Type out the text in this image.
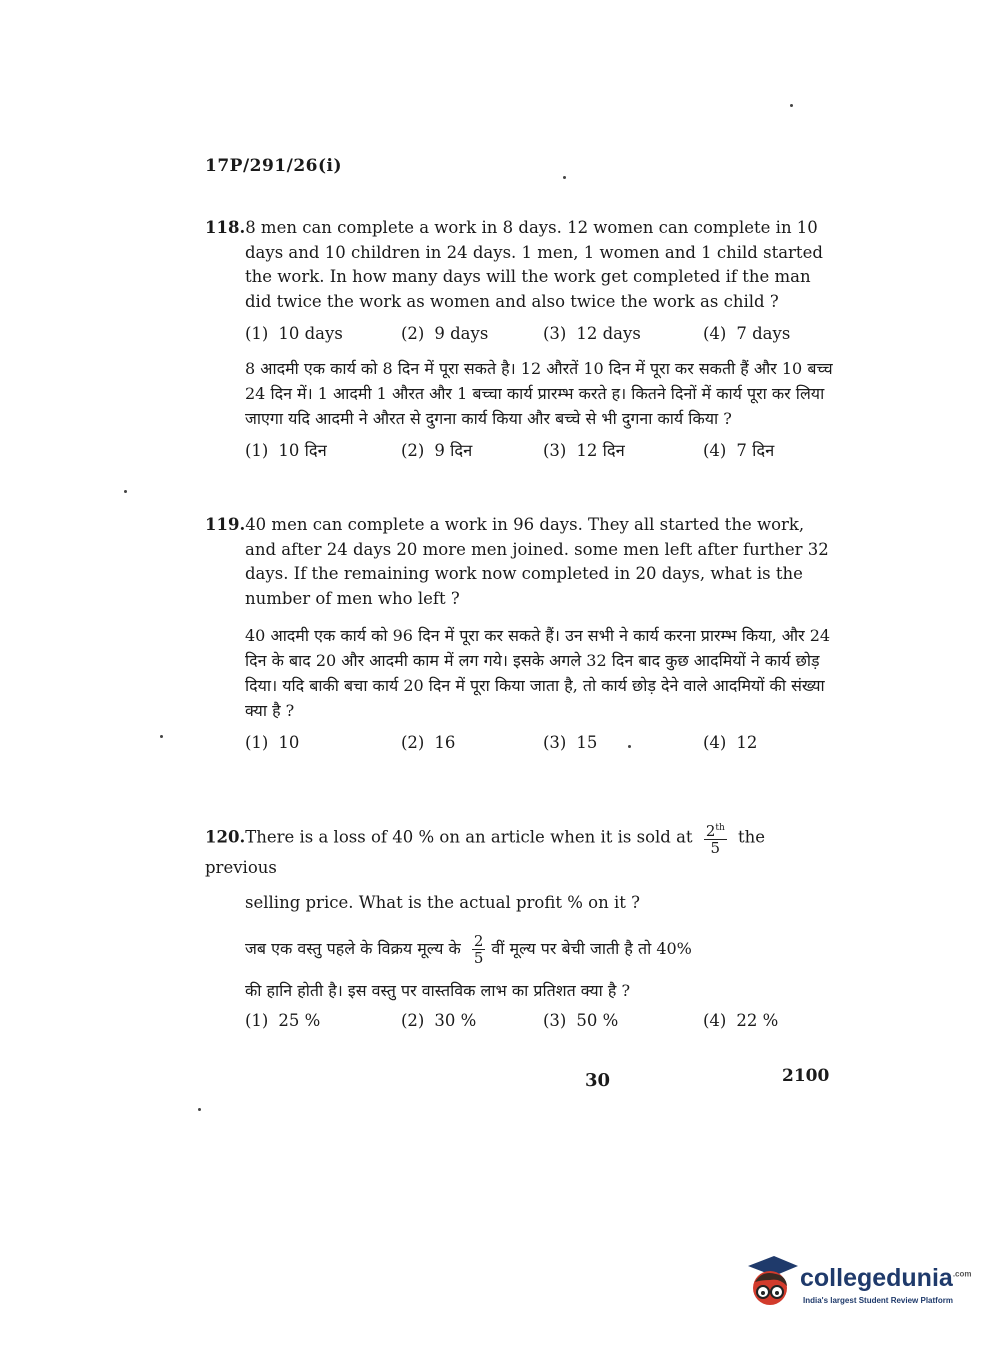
17P/291/26(i)
118.8 men can complete a work in 8 days. 12 women can complete in 10 days and 10 children in 24 days. 1 men, 1 women and 1 child started the work. In how many days will the work get completed if the man did twice the work as women and also twice the work as child ?
(1) 10 days	(2) 9 days	(3) 12 days	(4) 7 days
8 आदमी एक कार्य को 8 दिन में पूरा सकते है। 12 औरतें 10 दिन में पूरा कर सकती हैं और 10 बच्च 24 दिन में। 1 आदमी 1 औरत और 1 बच्चा कार्य प्रारम्भ करते ह। कितने दिनों में कार्य पूरा कर लिया जाएगा यदि आदमी ने औरत से दुगना कार्य किया और बच्चे से भी दुगना कार्य किया ?
(1) 10 दिन	(2) 9 दिन	(3) 12 दिन	(4) 7 दिन
119.40 men can complete a work in 96 days. They all started the work, and after 24 days 20 more men joined. some men left after further 32 days. If the remaining work now completed in 20 days, what is the number of men who left ?
40 आदमी एक कार्य को 96 दिन में पूरा कर सकते हैं। उन सभी ने कार्य करना प्रारम्भ किया, और 24 दिन के बाद 20 और आदमी काम में लग गये। इसके अगले 32 दिन बाद कुछ आदमियों ने कार्य छोड़ दिया। यदि बाकी बचा कार्य 20 दिन में पूरा किया जाता है, तो कार्य छोड़ देने वाले आदमियों की संख्या क्या है ?
(1) 10	(2) 16	(3) 15	(4) 12
120.There is a loss of 40 % on an article when it is sold at $\frac{2^{th}}{5}$ the previous
selling price. What is the actual profit % on it ?
जब एक वस्तु पहले के विक्रय मूल्य के $\frac{2}{5}$ वीं मूल्य पर बेची जाती है तो 40%
की हानि होती है। इस वस्तु पर वास्तविक लाभ का प्रतिशत क्या है ?
(1) 25 %	(2) 30 %	(3) 50 %	(4) 22 %
30	2100
collegedunia$^{.com}$
India's largest Student Review Platform
